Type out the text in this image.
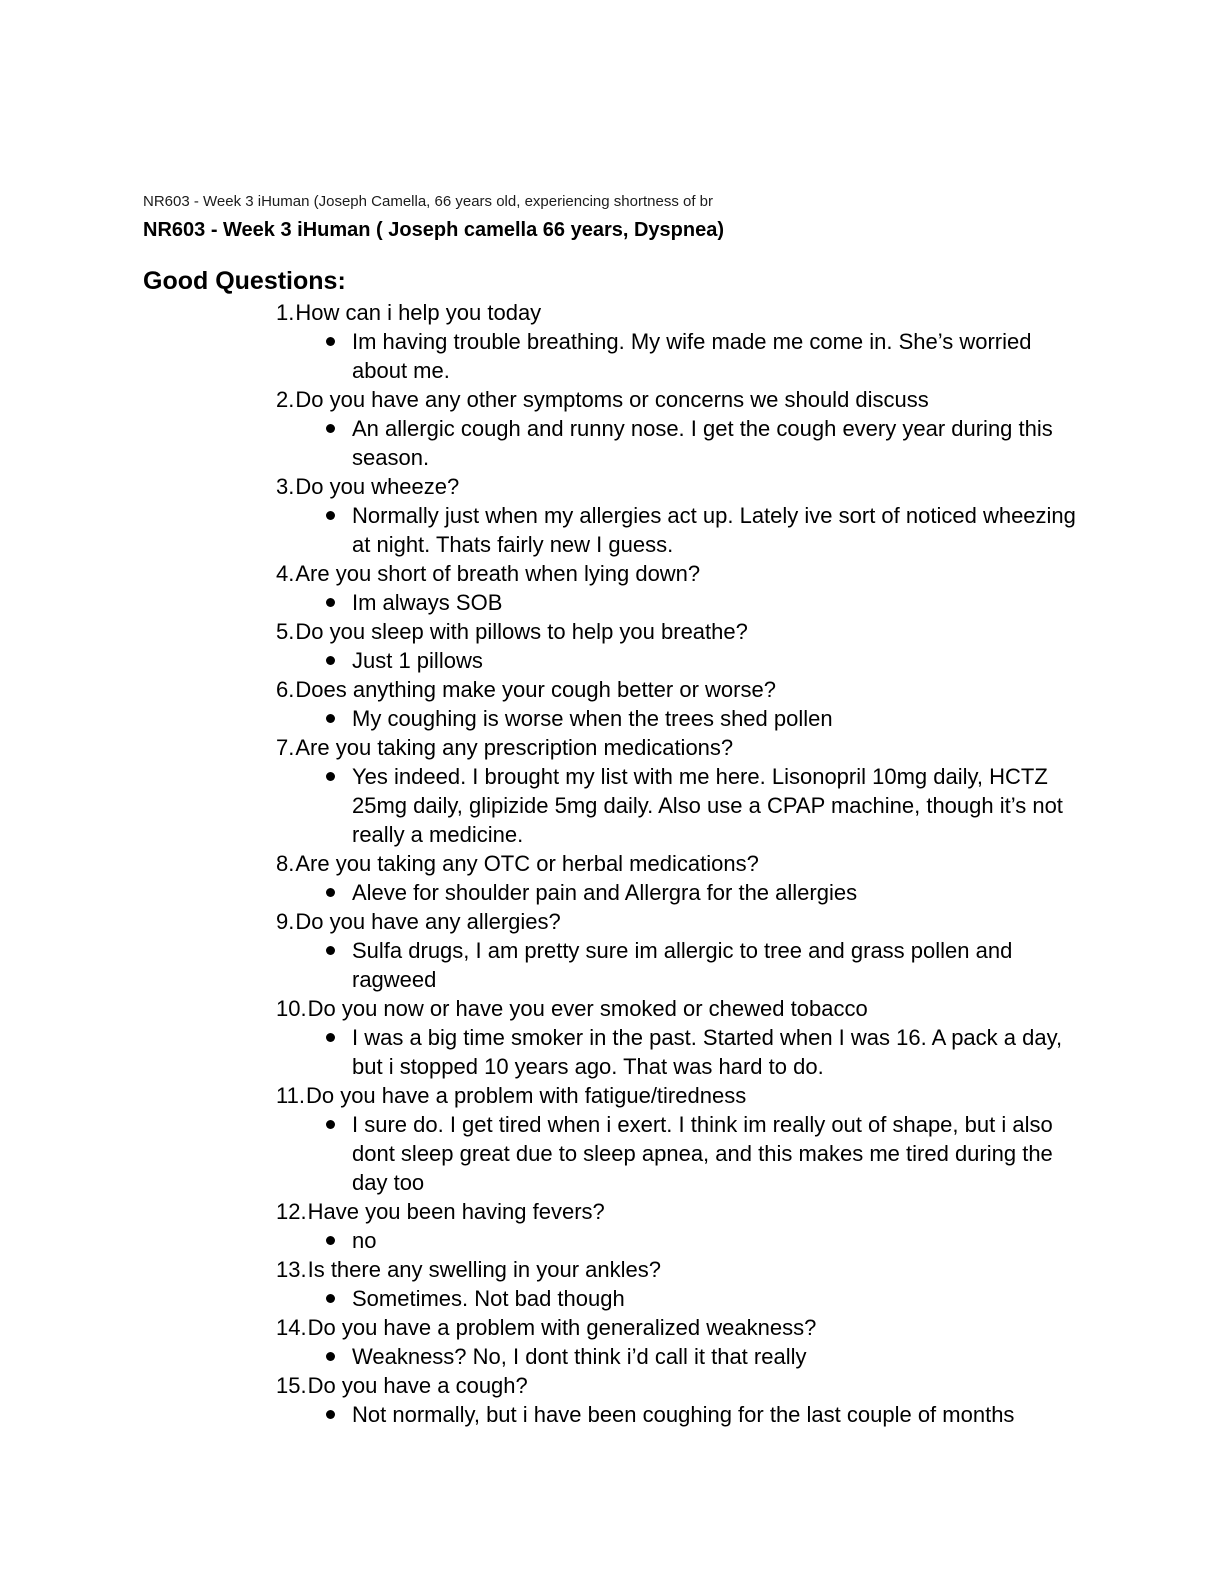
NR603 - Week 3 iHuman (Joseph Camella, 66 years old, experiencing shortness of br
NR603 - Week 3 iHuman ( Joseph camella 66 years, Dyspnea)
Good Questions:
1.How can i help you today
Im having trouble breathing. My wife made me come in. She’s worried about me.
2.Do you have any other symptoms or concerns we should discuss
An allergic cough and runny nose. I get the cough every year during this season.
3.Do you wheeze?
Normally just when my allergies act up. Lately ive sort of noticed wheezing at night. Thats fairly new I guess.
4.Are you short of breath when lying down?
Im always SOB
5.Do you sleep with pillows to help you breathe?
Just 1 pillows
6.Does anything make your cough better or worse?
My coughing is worse when the trees shed pollen
7.Are you taking any prescription medications?
Yes indeed. I brought my list with me here. Lisonopril 10mg daily, HCTZ 25mg daily, glipizide 5mg daily. Also use a CPAP machine, though it’s not really a medicine.
8.Are you taking any OTC or herbal medications?
Aleve for shoulder pain and Allergra for the allergies
9.Do you have any allergies?
Sulfa drugs, I am pretty sure im allergic to tree and grass pollen and ragweed
10.Do you now or have you ever smoked or chewed tobacco
I was a big time smoker in the past. Started when I was 16. A pack a day, but i stopped 10 years ago. That was hard to do.
11.Do you have a problem with fatigue/tiredness
I sure do. I get tired when i exert. I think im really out of shape, but i also dont sleep great due to sleep apnea, and this makes me tired during the day too
12.Have you been having fevers?
no
13.Is there any swelling in your ankles?
Sometimes. Not bad though
14.Do you have a problem with generalized weakness?
Weakness? No, I dont think i’d call it that really
15.Do you have a cough?
Not normally, but i have been coughing for the last couple of months
